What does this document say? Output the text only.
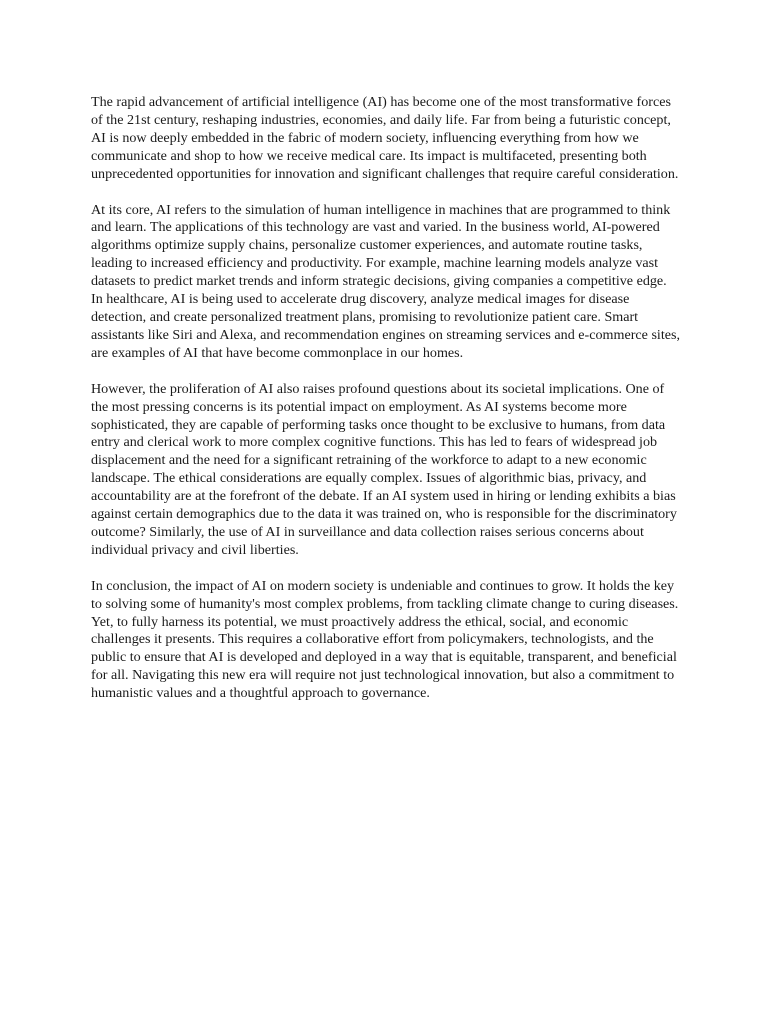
The rapid advancement of artificial intelligence (AI) has become one of the most transformative forces of the 21st century, reshaping industries, economies, and daily life. Far from being a futuristic concept, AI is now deeply embedded in the fabric of modern society, influencing everything from how we communicate and shop to how we receive medical care. Its impact is multifaceted, presenting both unprecedented opportunities for innovation and significant challenges that require careful consideration.

At its core, AI refers to the simulation of human intelligence in machines that are programmed to think and learn. The applications of this technology are vast and varied. In the business world, AI-powered algorithms optimize supply chains, personalize customer experiences, and automate routine tasks, leading to increased efficiency and productivity. For example, machine learning models analyze vast datasets to predict market trends and inform strategic decisions, giving companies a competitive edge. In healthcare, AI is being used to accelerate drug discovery, analyze medical images for disease detection, and create personalized treatment plans, promising to revolutionize patient care. Smart assistants like Siri and Alexa, and recommendation engines on streaming services and e-commerce sites, are examples of AI that have become commonplace in our homes.

However, the proliferation of AI also raises profound questions about its societal implications. One of the most pressing concerns is its potential impact on employment. As AI systems become more sophisticated, they are capable of performing tasks once thought to be exclusive to humans, from data entry and clerical work to more complex cognitive functions. This has led to fears of widespread job displacement and the need for a significant retraining of the workforce to adapt to a new economic landscape. The ethical considerations are equally complex. Issues of algorithmic bias, privacy, and accountability are at the forefront of the debate. If an AI system used in hiring or lending exhibits a bias against certain demographics due to the data it was trained on, who is responsible for the discriminatory outcome? Similarly, the use of AI in surveillance and data collection raises serious concerns about individual privacy and civil liberties.

In conclusion, the impact of AI on modern society is undeniable and continues to grow. It holds the key to solving some of humanity's most complex problems, from tackling climate change to curing diseases. Yet, to fully harness its potential, we must proactively address the ethical, social, and economic challenges it presents. This requires a collaborative effort from policymakers, technologists, and the public to ensure that AI is developed and deployed in a way that is equitable, transparent, and beneficial for all. Navigating this new era will require not just technological innovation, but also a commitment to humanistic values and a thoughtful approach to governance.
